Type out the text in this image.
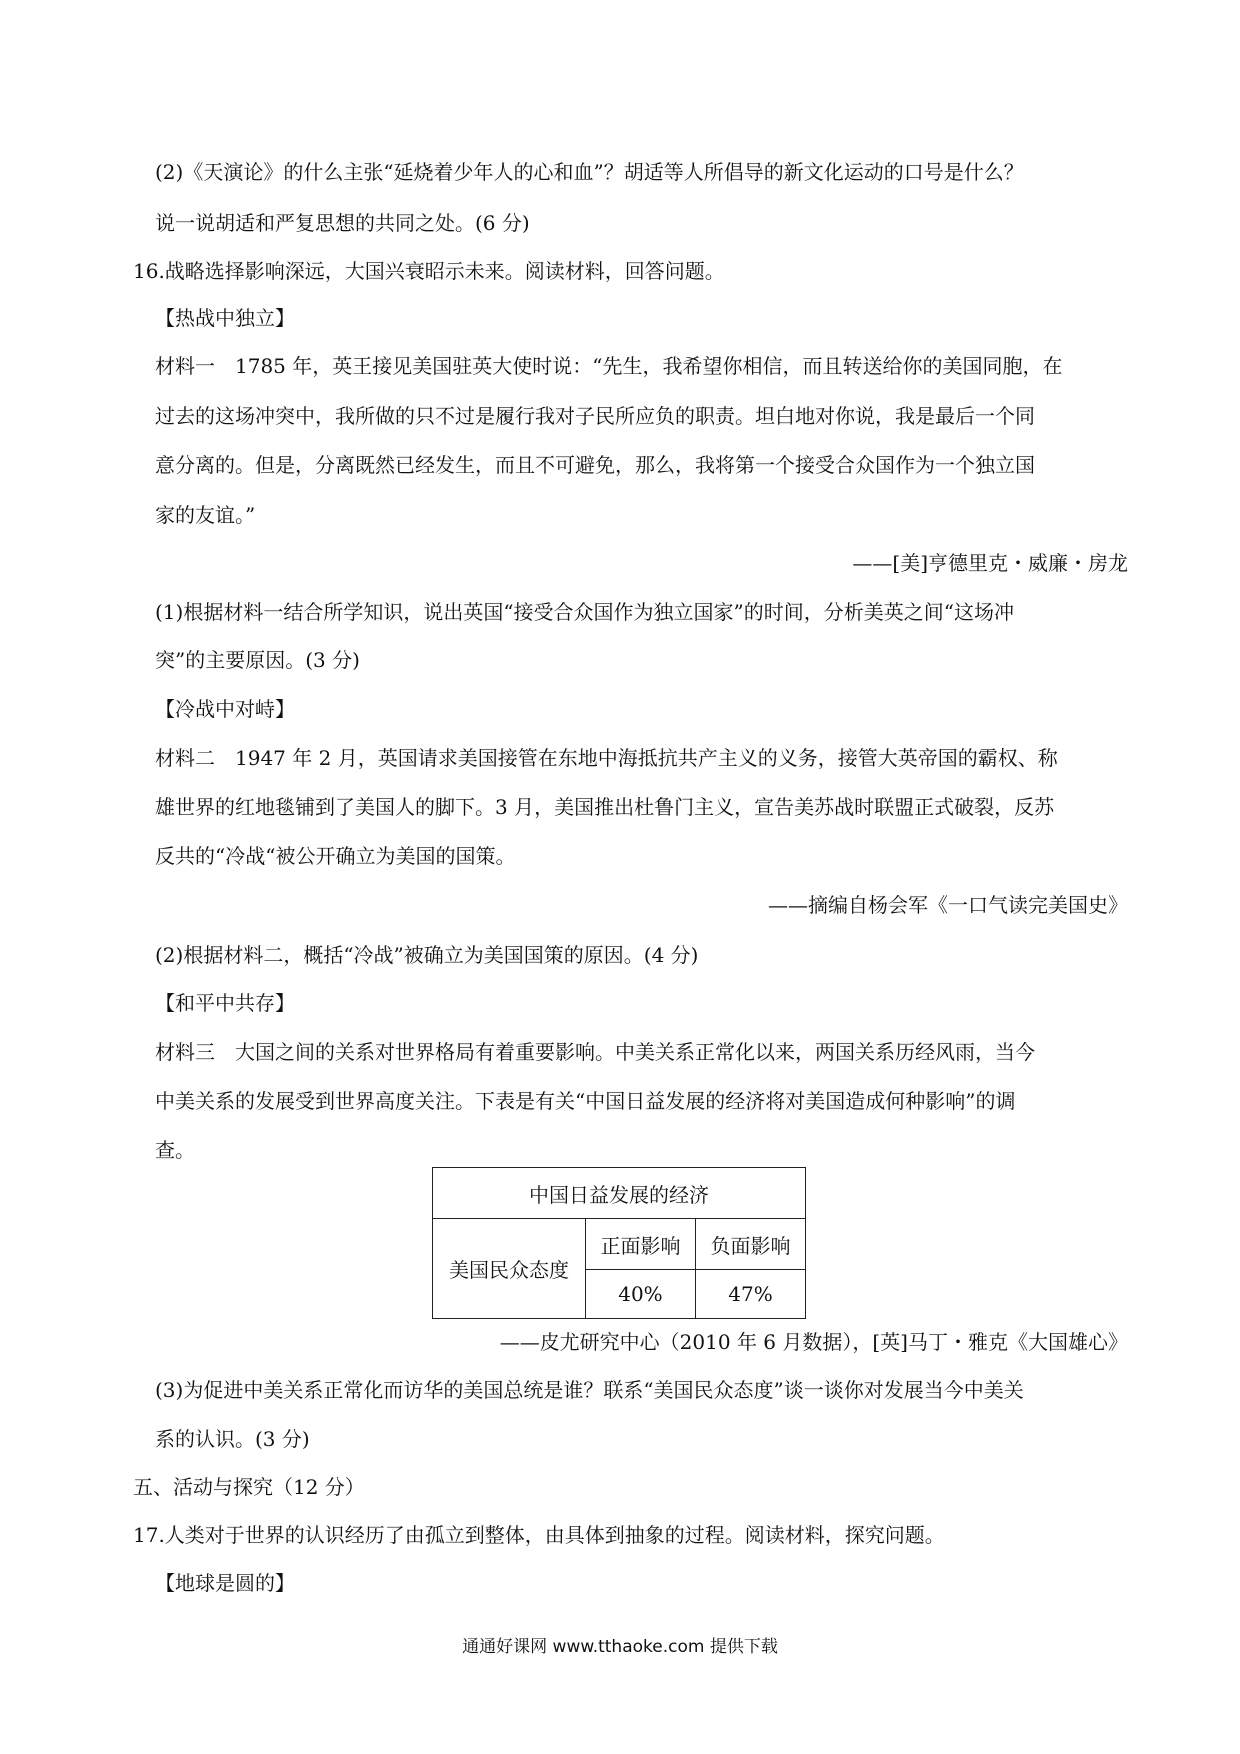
(2)《天演论》的什么主张“延烧着少年人的心和血”？胡适等人所倡导的新文化运动的口号是什么？
说一说胡适和严复思想的共同之处。(6 分)
16.战略选择影响深远，大国兴衰昭示未来。阅读材料，回答问题。
【热战中独立】
材料一　1785 年，英王接见美国驻英大使时说：“先生，我希望你相信，而且转送给你的美国同胞，在
过去的这场冲突中，我所做的只不过是履行我对子民所应负的职责。坦白地对你说，我是最后一个同
意分离的。但是，分离既然已经发生，而且不可避免，那么，我将第一个接受合众国作为一个独立国
家的友谊。”
——[美]亨德里克・威廉・房龙
(1)根据材料一结合所学知识，说出英国“接受合众国作为独立国家”的时间，分析美英之间“这场冲
突”的主要原因。(3 分)
【冷战中对峙】
材料二　1947 年 2 月，英国请求美国接管在东地中海抵抗共产主义的义务，接管大英帝国的霸权、称
雄世界的红地毯铺到了美国人的脚下。3 月，美国推出杜鲁门主义，宣告美苏战时联盟正式破裂，反苏
反共的“冷战“被公开确立为美国的国策。
——摘编自杨会军《一口气读完美国史》
(2)根据材料二，概括“冷战”被确立为美国国策的原因。(4 分)
【和平中共存】
材料三　大国之间的关系对世界格局有着重要影响。中美关系正常化以来，两国关系历经风雨，当今
中美关系的发展受到世界高度关注。下表是有关“中国日益发展的经济将对美国造成何种影响”的调
查。
中国日益发展的经济		
美国民众态度	正面影响	负面影响
	40%	47%
——皮尤研究中心（2010 年 6 月数据），[英]马丁・雅克《大国雄心》
(3)为促进中美关系正常化而访华的美国总统是谁？联系“美国民众态度”谈一谈你对发展当今中美关
系的认识。(3 分)
五、活动与探究（12 分）
17.人类对于世界的认识经历了由孤立到整体，由具体到抽象的过程。阅读材料，探究问题。
【地球是圆的】
通通好课网 www.tthaoke.com 提供下载
